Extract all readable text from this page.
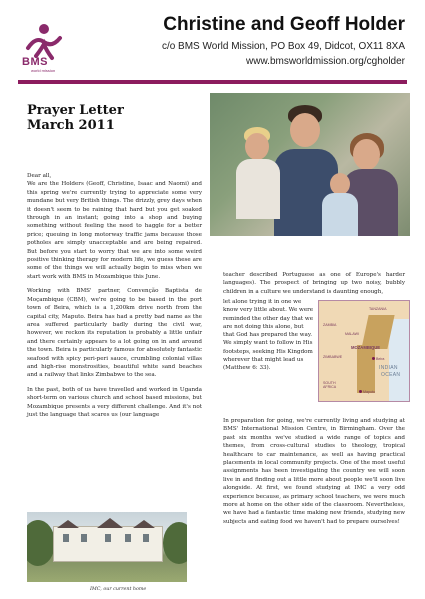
BMS
world mission
Christine and Geoff Holder
c/o BMS World Mission, PO Box 49, Didcot, OX11 8XA
www.bmsworldmission.org/cgholder
Prayer Letter
March 2011

Dear all,

We are the Holders (Geoff, Christine, Isaac and Naomi) and this spring we're currently trying to appreciate some very mundane but very British things. The drizzly, grey days when it doesn't seem to be raining that hard but you get soaked through in an instant; going into a shop and buying something without feeling the need to haggle for a better price; queuing in long motorway traffic jams because those potholes are simply unacceptable and are being repaired. But before you start to worry that we are into some weird positive thinking therapy for modern life, we guess these are some of the things we will actually begin to miss when we start work with BMS in Mozambique this June.

Working with BMS' partner, Convenção Baptista de Moçambique (CBM), we're going to be based in the port town of Beira, which is a 1,200km drive north from the capital city, Maputo. Beira has had a pretty bad name as the area suffered particularly badly during the civil war, however, we reckon its reputation is probably a little unfair and there certainly appears to a lot going on in and around the town. Beira is particularly famous for absolutely fantastic seafood with spicy peri-peri sauce, crumbling colonial villas and high-rise monstrosities, beautiful white sand beaches and a railway that links Zimbabwe to the sea.

In the past, both of us have travelled and worked in Uganda short-term on various church and school based missions, but Mozambique presents a very different challenge. And it's not just the language that scares us (our language

teacher described Portuguese as one of Europe's harder languages). The prospect of bringing up two noisy, bubbly children in a culture we understand is daunting enough,

let alone trying it in one we know very little about. We were reminded the other day that we are not doing this alone, but that God has prepared the way. We simply want to follow in His footsteps, seeking His Kingdom wherever that might lead us (Matthew 6: 33).
TANZANIA
ZAMBIA
MALAWI
MOZAMBIQUE
ZIMBABWE
SOUTH AFRICA
INDIAN
OCEAN
Beira
Maputo

In preparation for going, we're currently living and studying at BMS' International Mission Centre, in Birmingham. Over the past six months we've studied a wide range of topics and themes, from cross-cultural studies to theology, tropical healthcare to car maintenance, as well as having practical placements in local community projects. One of the most useful assignments has been investigating the country we will soon live in and finding out a little more about people we'll soon live alongside. At first, we found studying at IMC a very odd experience because, as primary school teachers, we were much more at home on the other side of the classroom. Nevertheless, we have had a fantastic time making new friends, studying new subjects and eating food we haven't had to prepare ourselves!

IMC, our current home
